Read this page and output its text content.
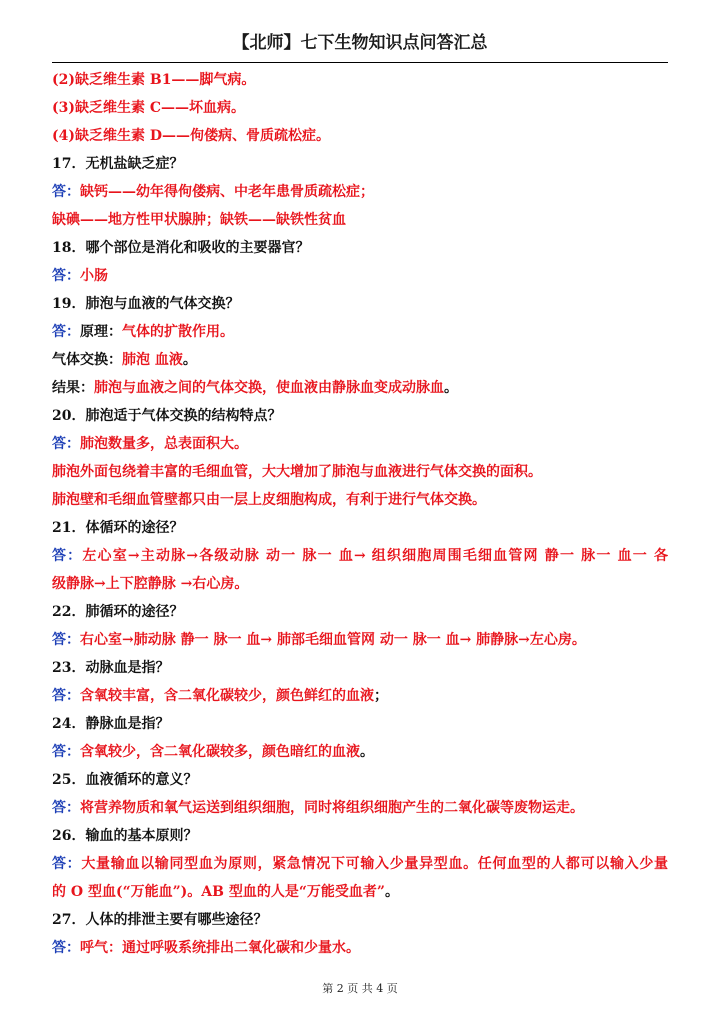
【北师】七下生物知识点问答汇总
(2)缺乏维生素 B1——脚气病。
(3)缺乏维生素 C——坏血病。
(4)缺乏维生素 D——佝偻病、骨质疏松症。
17．无机盐缺乏症？
答：缺钙——幼年得佝偻病、中老年患骨质疏松症；
缺碘——地方性甲状腺肿；缺铁——缺铁性贫血
18．哪个部位是消化和吸收的主要器官？
答：小肠
19．肺泡与血液的气体交换？
答：原理：气体的扩散作用。
气体交换：肺泡 血液。
结果：肺泡与血液之间的气体交换，使血液由静脉血变成动脉血。
20．肺泡适于气体交换的结构特点？
答：肺泡数量多，总表面积大。
肺泡外面包绕着丰富的毛细血管，大大增加了肺泡与血液进行气体交换的面积。
肺泡壁和毛细血管壁都只由一层上皮细胞构成，有利于进行气体交换。
21．体循环的途径？
答：左心室→主动脉→各级动脉 动一 脉一 血→ 组织细胞周围毛细血管网 静一 脉一 血一 各
级静脉→上下腔静脉 →右心房。
22．肺循环的途径？
答：右心室→肺动脉 静一 脉一 血→ 肺部毛细血管网 动一 脉一 血→ 肺静脉→左心房。
23．动脉血是指？
答：含氧较丰富，含二氧化碳较少，颜色鲜红的血液；
24．静脉血是指？
答：含氧较少，含二氧化碳较多，颜色暗红的血液。
25．血液循环的意义？
答：将营养物质和氧气运送到组织细胞，同时将组织细胞产生的二氧化碳等废物运走。
26．输血的基本原则？
答：大量输血以输同型血为原则，紧急情况下可输入少量异型血。任何血型的人都可以输入少量
的 O 型血(“万能血”)。AB 型血的人是“万能受血者”。
27．人体的排泄主要有哪些途径？
答：呼气：通过呼吸系统排出二氧化碳和少量水。
第 2 页 共 4 页
